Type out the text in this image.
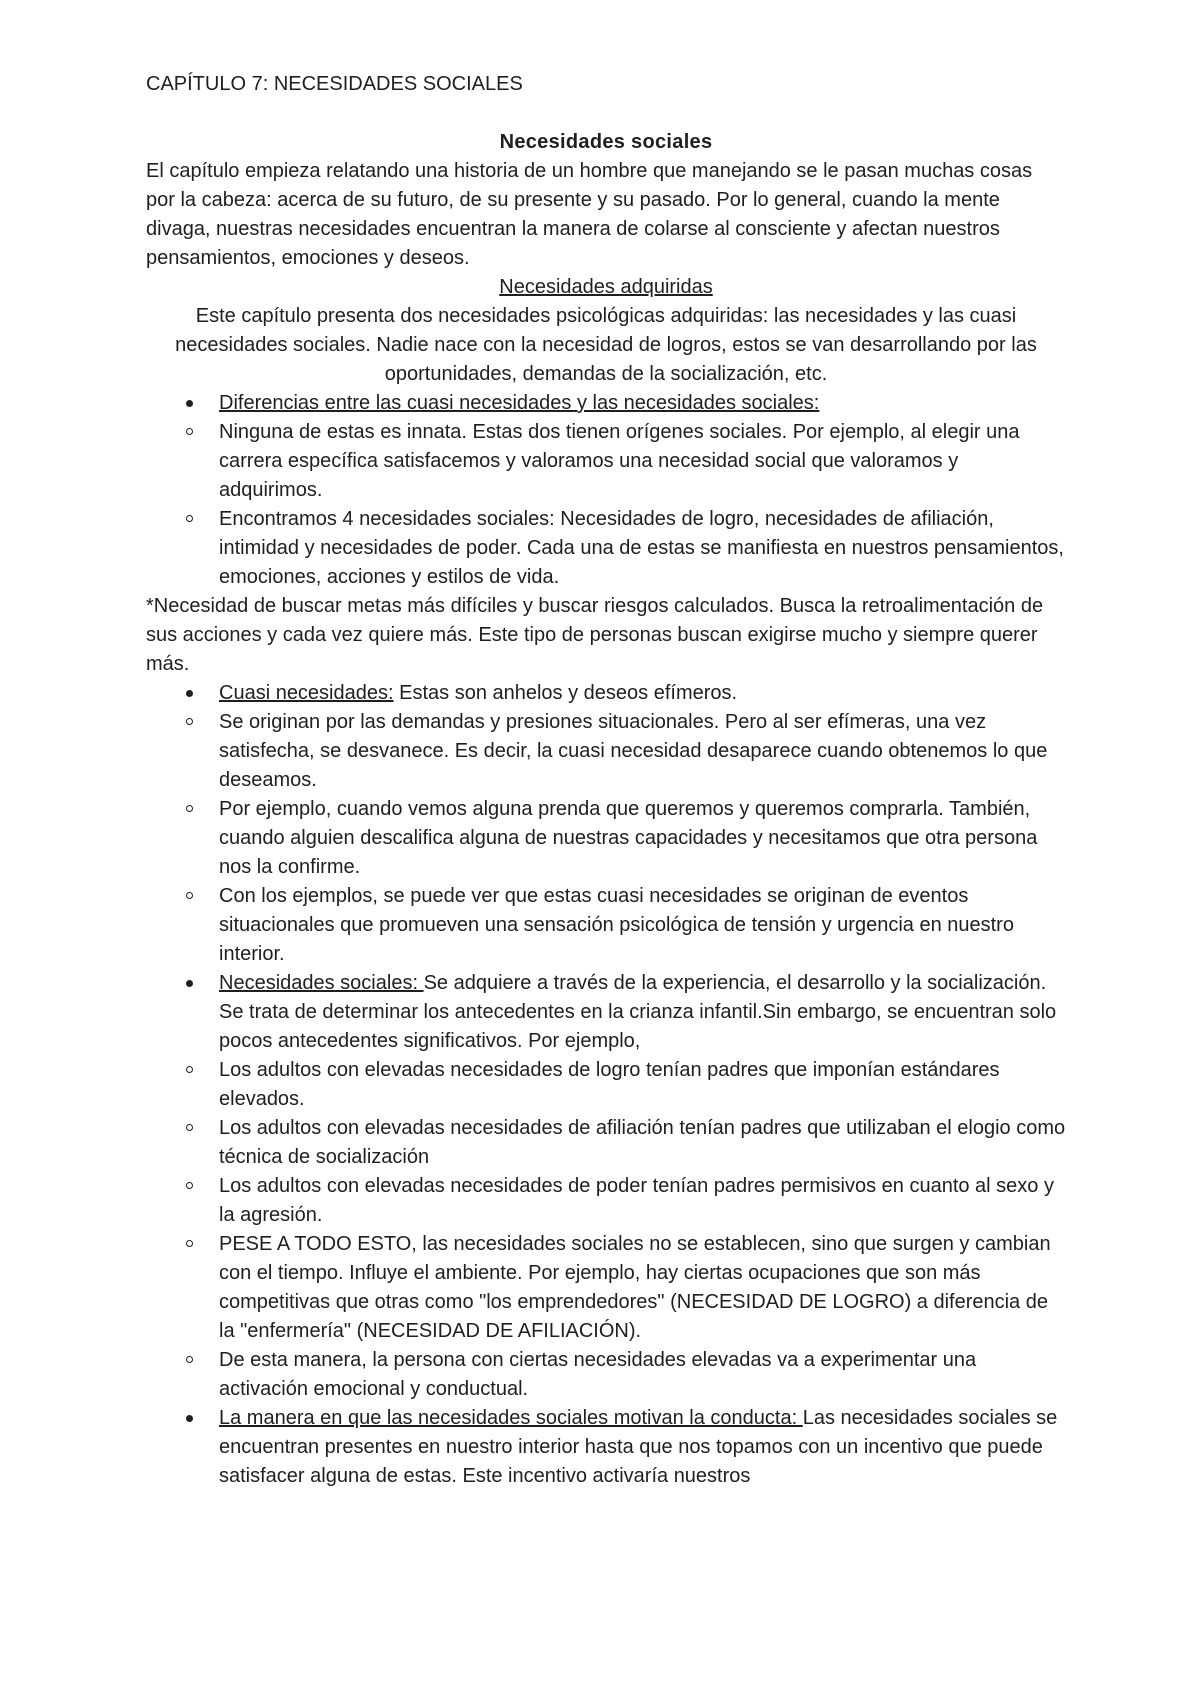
CAPÍTULO 7: NECESIDADES SOCIALES

Necesidades sociales

El capítulo empieza relatando una historia de un hombre que manejando se le pasan muchas cosas por la cabeza: acerca de su futuro, de su presente y su pasado. Por lo general, cuando la mente divaga, nuestras necesidades encuentran la manera de colarse al consciente y afectan nuestros pensamientos, emociones y deseos.

Necesidades adquiridas

Este capítulo presenta dos necesidades psicológicas adquiridas: las necesidades y las cuasi necesidades sociales. Nadie nace con la necesidad de logros, estos se van desarrollando por las oportunidades, demandas de la socialización, etc.

Diferencias entre las cuasi necesidades y las necesidades sociales:
Ninguna de estas es innata. Estas dos tienen orígenes sociales. Por ejemplo, al elegir una carrera específica satisfacemos y valoramos una necesidad social que valoramos y adquirimos.
Encontramos 4 necesidades sociales: Necesidades de logro, necesidades de afiliación, intimidad y necesidades de poder. Cada una de estas se manifiesta en nuestros pensamientos, emociones, acciones y estilos de vida.

*Necesidad de buscar metas más difíciles y buscar riesgos calculados. Busca la retroalimentación de sus acciones y cada vez quiere más. Este tipo de personas buscan exigirse mucho y siempre querer más.

Cuasi necesidades: Estas son anhelos y deseos efímeros.
Se originan por las demandas y presiones situacionales. Pero al ser efímeras, una vez satisfecha, se desvanece. Es decir, la cuasi necesidad desaparece cuando obtenemos lo que deseamos.
Por ejemplo, cuando vemos alguna prenda que queremos y queremos comprarla. También, cuando alguien descalifica alguna de nuestras capacidades y necesitamos que otra persona nos la confirme.
Con los ejemplos, se puede ver que estas cuasi necesidades se originan de eventos situacionales que promueven una sensación psicológica de tensión y urgencia en nuestro interior.
Necesidades sociales: Se adquiere a través de la experiencia, el desarrollo y la socialización. Se trata de determinar los antecedentes en la crianza infantil.Sin embargo, se encuentran solo pocos antecedentes significativos. Por ejemplo,
Los adultos con elevadas necesidades de logro tenían padres que imponían estándares elevados.
Los adultos con elevadas necesidades de afiliación tenían padres que utilizaban el elogio como técnica de socialización
Los adultos con elevadas necesidades de poder tenían padres permisivos en cuanto al sexo y la agresión.
PESE A TODO ESTO, las necesidades sociales no se establecen, sino que surgen y cambian con el tiempo. Influye el ambiente. Por ejemplo, hay ciertas ocupaciones que son más competitivas que otras como "los emprendedores" (NECESIDAD DE LOGRO) a diferencia de la "enfermería" (NECESIDAD DE AFILIACIÓN).
De esta manera, la persona con ciertas necesidades elevadas va a experimentar una activación emocional y conductual.
La manera en que las necesidades sociales motivan la conducta: Las necesidades sociales se encuentran presentes en nuestro interior hasta que nos topamos con un incentivo que puede satisfacer alguna de estas. Este incentivo activaría nuestros
